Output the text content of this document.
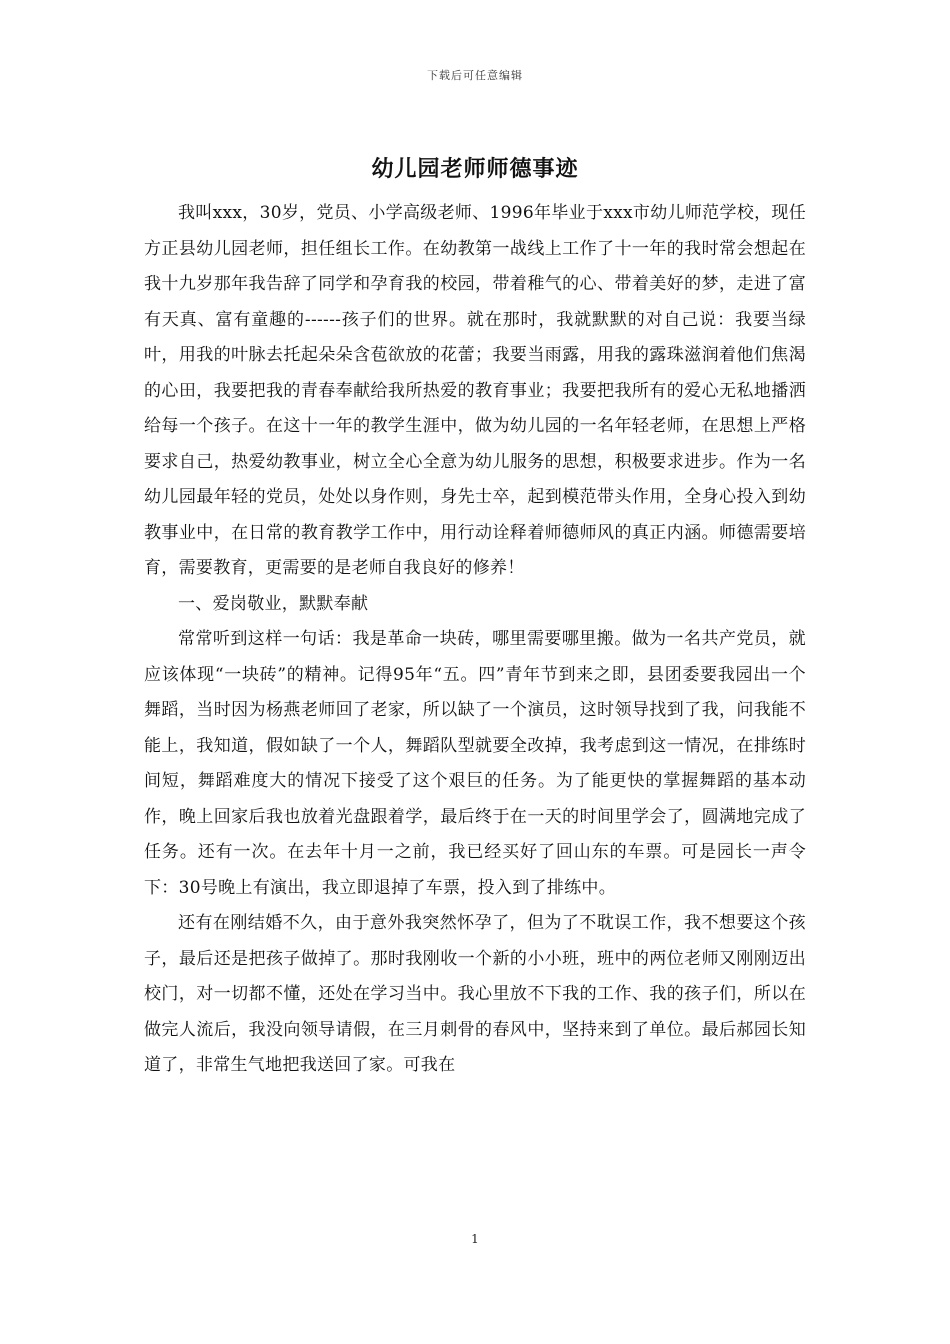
下载后可任意编辑
幼儿园老师师德事迹

我叫xxx，30岁，党员、小学高级老师、1996年毕业于xxx市幼儿师范学校，现任方正县幼儿园老师，担任组长工作。在幼教第一战线上工作了十一年的我时常会想起在我十九岁那年我告辞了同学和孕育我的校园，带着稚气的心、带着美好的梦，走进了富有天真、富有童趣的------孩子们的世界。就在那时，我就默默的对自己说：我要当绿叶，用我的叶脉去托起朵朵含苞欲放的花蕾；我要当雨露，用我的露珠滋润着他们焦渴的心田，我要把我的青春奉献给我所热爱的教育事业；我要把我所有的爱心无私地播洒给每一个孩子。在这十一年的教学生涯中，做为幼儿园的一名年轻老师，在思想上严格要求自己，热爱幼教事业，树立全心全意为幼儿服务的思想，积极要求进步。作为一名幼儿园最年轻的党员，处处以身作则，身先士卒，起到模范带头作用，全身心投入到幼教事业中，在日常的教育教学工作中，用行动诠释着师德师风的真正内涵。师德需要培育，需要教育，更需要的是老师自我良好的修养！

一、爱岗敬业，默默奉献

常常听到这样一句话：我是革命一块砖，哪里需要哪里搬。做为一名共产党员，就应该体现“一块砖”的精神。记得95年“五。四”青年节到来之即，县团委要我园出一个舞蹈，当时因为杨燕老师回了老家，所以缺了一个演员，这时领导找到了我，问我能不能上，我知道，假如缺了一个人，舞蹈队型就要全改掉，我考虑到这一情况，在排练时间短，舞蹈难度大的情况下接受了这个艰巨的任务。为了能更快的掌握舞蹈的基本动作，晚上回家后我也放着光盘跟着学，最后终于在一天的时间里学会了，圆满地完成了任务。还有一次。在去年十月一之前，我已经买好了回山东的车票。可是园长一声令下：30号晚上有演出，我立即退掉了车票，投入到了排练中。

还有在刚结婚不久，由于意外我突然怀孕了，但为了不耽误工作，我不想要这个孩子，最后还是把孩子做掉了。那时我刚收一个新的小小班，班中的两位老师又刚刚迈出校门，对一切都不懂，还处在学习当中。我心里放不下我的工作、我的孩子们，所以在做完人流后，我没向领导请假，在三月刺骨的春风中，坚持来到了单位。最后郝园长知道了，非常生气地把我送回了家。可我在

1
